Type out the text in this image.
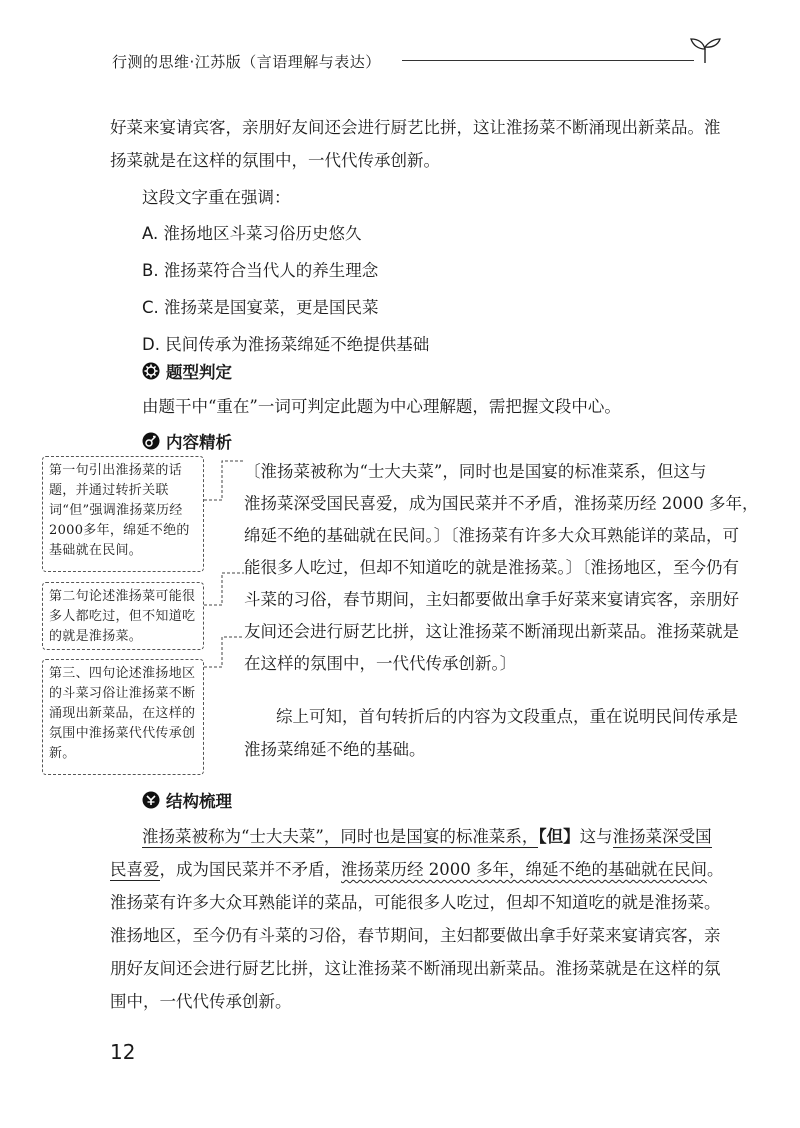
行测的思维·江苏版（言语理解与表达）

好菜来宴请宾客，亲朋好友间还会进行厨艺比拼，这让淮扬菜不断涌现出新菜品。淮

扬菜就是在这样的氛围中，一代代传承创新。

这段文字重在强调：

A. 淮扬地区斗菜习俗历史悠久

B. 淮扬菜符合当代人的养生理念

C. 淮扬菜是国宴菜，更是国民菜

D. 民间传承为淮扬菜绵延不绝提供基础

题型判定

由题干中“重在”一词可判定此题为中心理解题，需把握文段中心。

内容精析

〔淮扬菜被称为“士大夫菜”，同时也是国宴的标准菜系，但这与

淮扬菜深受国民喜爱，成为国民菜并不矛盾，淮扬菜历经 2000 多年，

绵延不绝的基础就在民间。〕〔淮扬菜有许多大众耳熟能详的菜品，可

能很多人吃过，但却不知道吃的就是淮扬菜。〕〔淮扬地区，至今仍有

斗菜的习俗，春节期间，主妇都要做出拿手好菜来宴请宾客，亲朋好

友间还会进行厨艺比拼，这让淮扬菜不断涌现出新菜品。淮扬菜就是

在这样的氛围中，一代代传承创新。〕

第一句引出淮扬菜的话题，并通过转折关联词“但”强调淮扬菜历经2000多年，绵延不绝的基础就在民间。
第二句论述淮扬菜可能很多人都吃过，但不知道吃的就是淮扬菜。
第三、四句论述淮扬地区的斗菜习俗让淮扬菜不断涌现出新菜品，在这样的氛围中淮扬菜代代传承创新。

综上可知，首句转折后的内容为文段重点，重在说明民间传承是

淮扬菜绵延不绝的基础。

结构梳理

淮扬菜被称为“士大夫菜”，同时也是国宴的标准菜系，【但】这与淮扬菜深受国

民喜爱，成为国民菜并不矛盾，淮扬菜历经 2000 多年，绵延不绝的基础就在民间。

淮扬菜有许多大众耳熟能详的菜品，可能很多人吃过，但却不知道吃的就是淮扬菜。

淮扬地区，至今仍有斗菜的习俗，春节期间，主妇都要做出拿手好菜来宴请宾客，亲

朋好友间还会进行厨艺比拼，这让淮扬菜不断涌现出新菜品。淮扬菜就是在这样的氛

围中，一代代传承创新。

12
